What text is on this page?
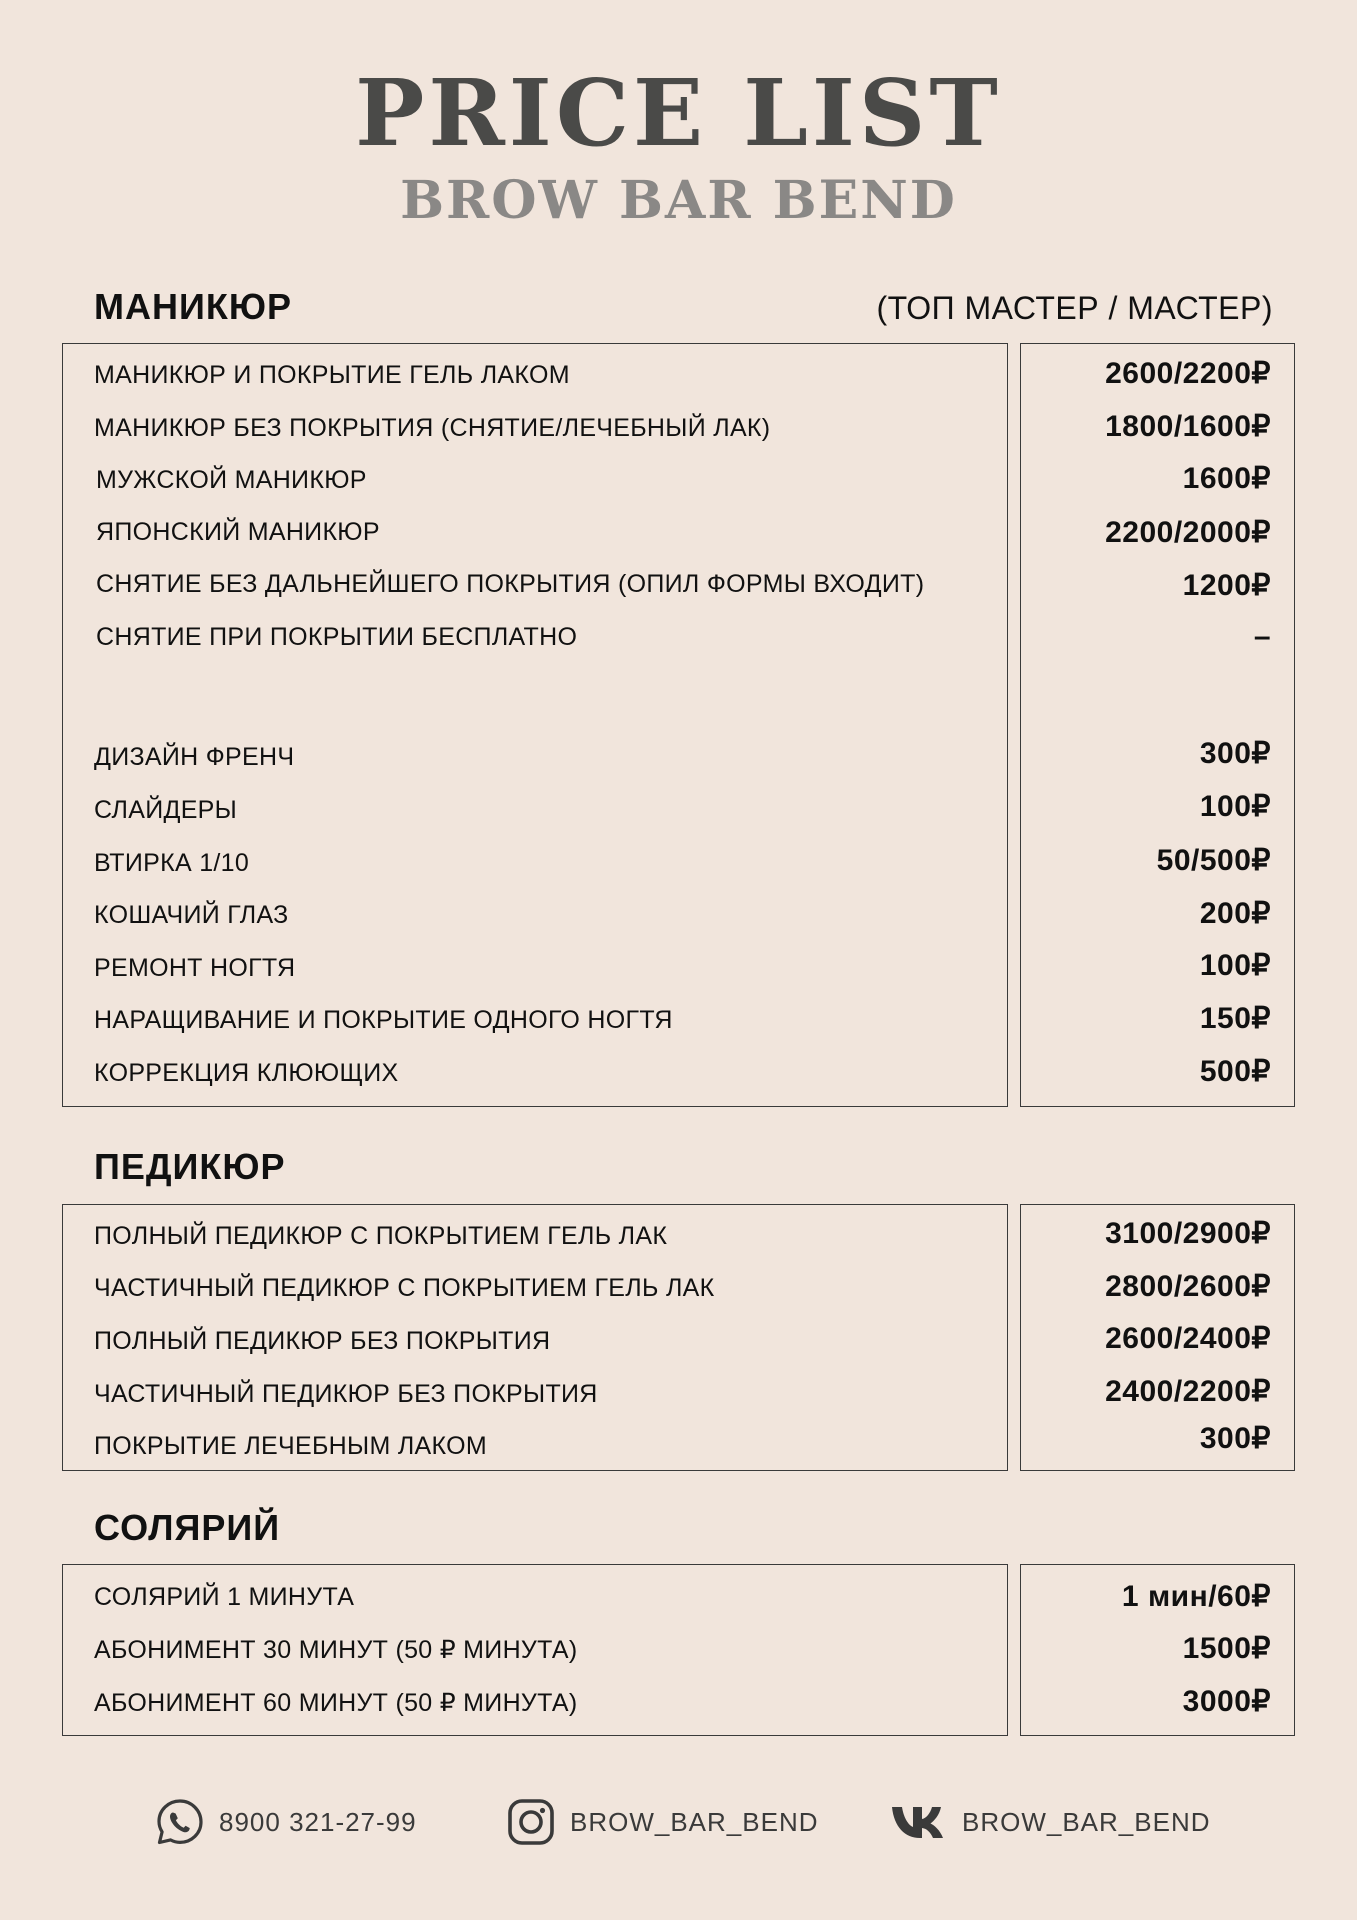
PRICE LIST
BROW BAR BEND
МАНИКЮР	(ТОП МАСТЕР / МАСТЕР)
МАНИКЮР И ПОКРЫТИЕ ГЕЛЬ ЛАКОМ	2600/2200₽
МАНИКЮР БЕЗ ПОКРЫТИЯ (СНЯТИЕ/ЛЕЧЕБНЫЙ ЛАК)	1800/1600₽
МУЖСКОЙ МАНИКЮР	1600₽
ЯПОНСКИЙ МАНИКЮР	2200/2000₽
СНЯТИЕ БЕЗ ДАЛЬНЕЙШЕГО ПОКРЫТИЯ (ОПИЛ ФОРМЫ ВХОДИТ)	1200₽
СНЯТИЕ ПРИ ПОКРЫТИИ БЕСПЛАТНО	–
ДИЗАЙН ФРЕНЧ	300₽
СЛАЙДЕРЫ	100₽
ВТИРКА 1/10	50/500₽
КОШАЧИЙ ГЛАЗ	200₽
РЕМОНТ НОГТЯ	100₽
НАРАЩИВАНИЕ И ПОКРЫТИЕ ОДНОГО НОГТЯ	150₽
КОРРЕКЦИЯ КЛЮЮЩИХ	500₽
ПЕДИКЮР
ПОЛНЫЙ ПЕДИКЮР С ПОКРЫТИЕМ ГЕЛЬ ЛАК	3100/2900₽
ЧАСТИЧНЫЙ ПЕДИКЮР С ПОКРЫТИЕМ ГЕЛЬ ЛАК	2800/2600₽
ПОЛНЫЙ ПЕДИКЮР БЕЗ ПОКРЫТИЯ	2600/2400₽
ЧАСТИЧНЫЙ ПЕДИКЮР БЕЗ ПОКРЫТИЯ	2400/2200₽
ПОКРЫТИЕ ЛЕЧЕБНЫМ ЛАКОМ	300₽
СОЛЯРИЙ
СОЛЯРИЙ 1 МИНУТА	1 мин/60₽
АБОНИМЕНТ 30 МИНУТ (50 ₽ МИНУТА)	1500₽
АБОНИМЕНТ 60 МИНУТ (50 ₽ МИНУТА)	3000₽
8900 321-27-99	BROW_BAR_BEND	BROW_BAR_BEND
